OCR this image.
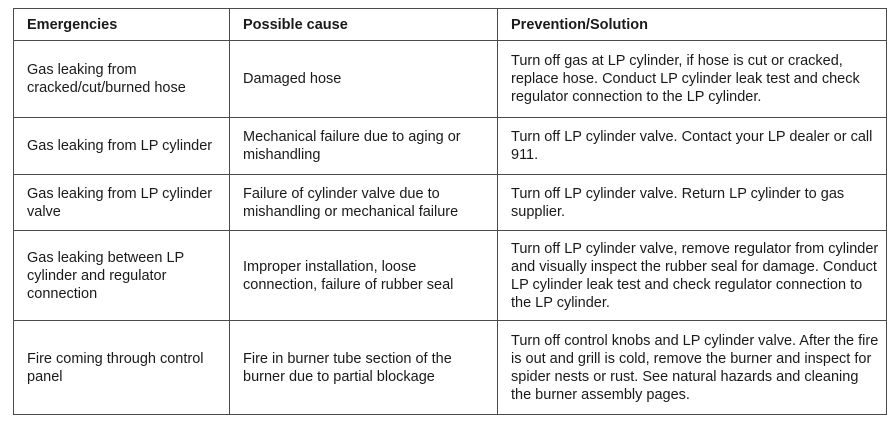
Emergencies	Possible cause	Prevention/Solution
Gas leaking from cracked/cut/burned hose	Damaged hose	Turn off gas at LP cylinder, if hose is cut or cracked, replace hose. Conduct LP cylinder leak test and check regulator connection to the LP cylinder.
Gas leaking from LP cylinder	Mechanical failure due to aging or mishandling	Turn off LP cylinder valve. Contact your LP dealer or call 911.
Gas leaking from LP cylinder valve	Failure of cylinder valve due to mishandling or mechanical failure	Turn off LP cylinder valve. Return LP cylinder to gas supplier.
Gas leaking between LP cylinder and regulator connection	Improper installation, loose connection, failure of rubber seal	Turn off LP cylinder valve, remove regulator from cylinder and visually inspect the rubber seal for damage. Conduct LP cylinder leak test and check regulator connection to the LP cylinder.
Fire coming through control panel	Fire in burner tube section of the burner due to partial blockage	Turn off control knobs and LP cylinder valve. After the fire is out and grill is cold, remove the burner and inspect for spider nests or rust. See natural hazards and cleaning the burner assembly pages.
